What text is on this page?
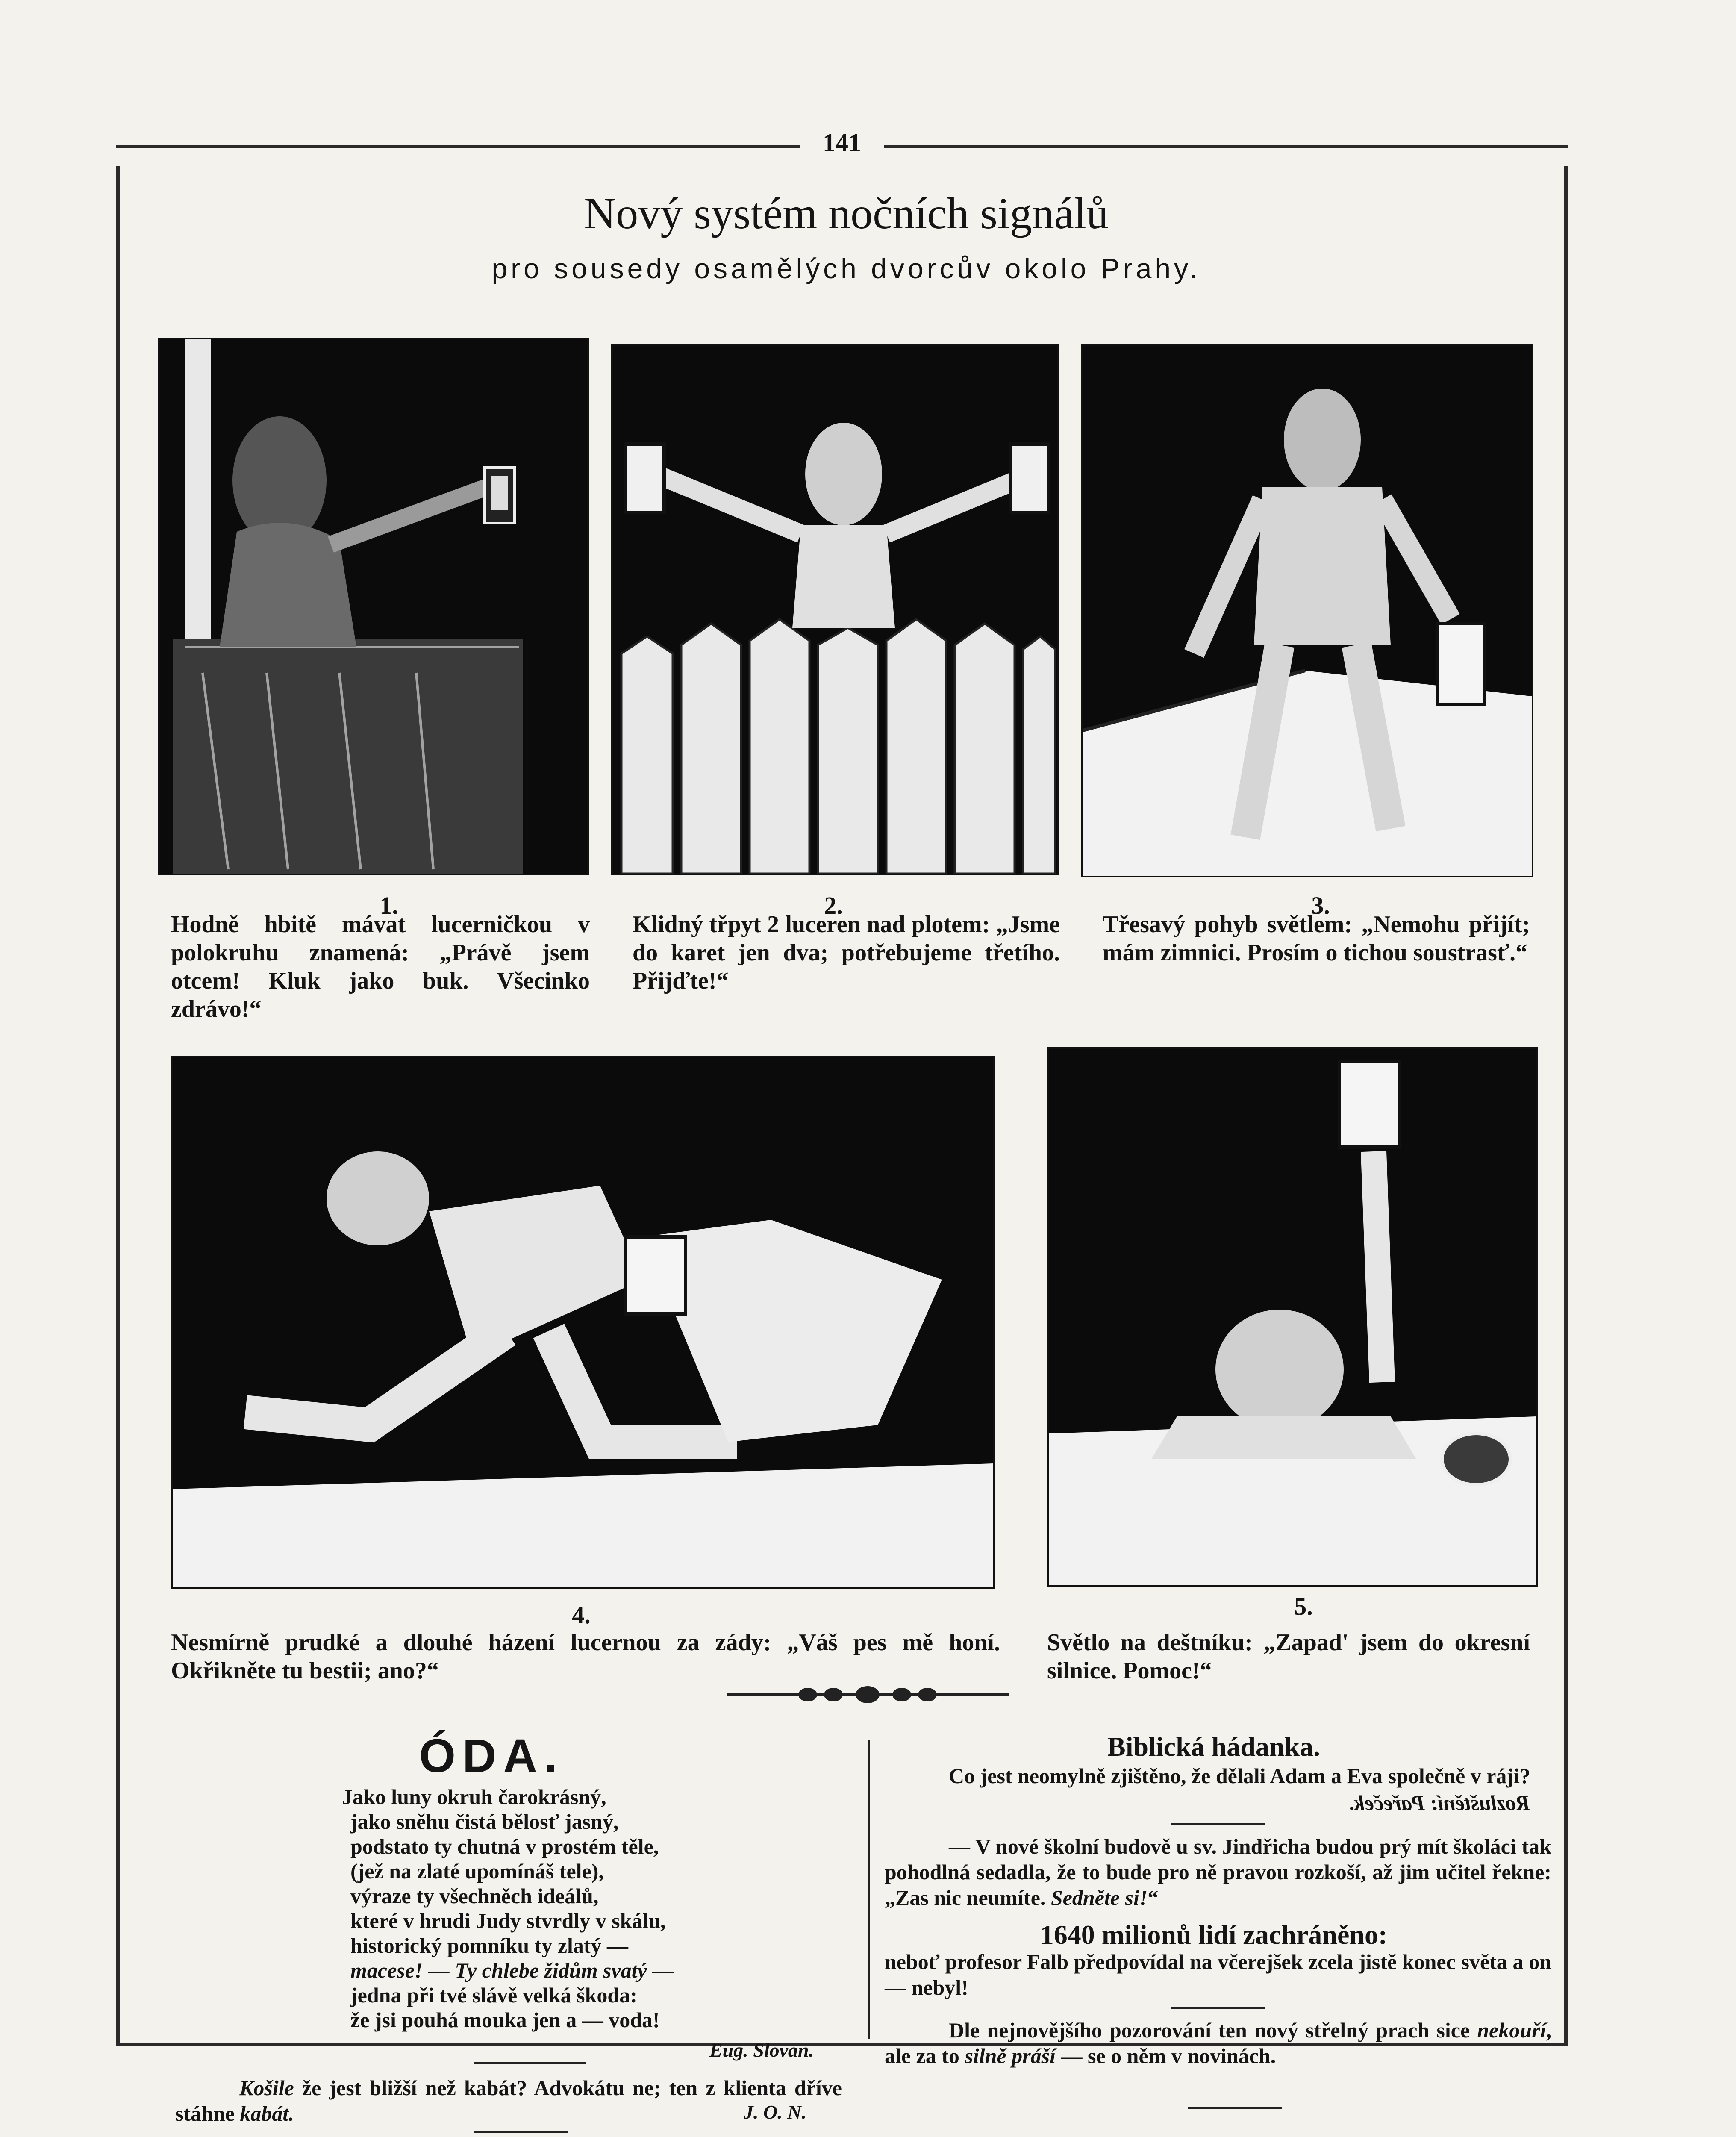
141
Nový systém nočních signálů
pro sousedy osamělých dvorcův okolo Prahy.
1.
Hodně hbitě mávat lucerničkou v polokruhu znamená: „Právě jsem otcem! Kluk jako buk. Všecinko zdrávo!“
2.
Klidný třpyt 2 luceren nad plotem: „Jsme do karet jen dva; potřebujeme třetího. Přijďte!“
3.
Třesavý pohyb světlem: „Nemohu přijít; mám zimnici. Prosím o tichou soustrasť.“
4.
Nesmírně prudké a dlouhé házení lucernou za zády: „Váš pes mě honí. Okřikněte tu bestii; ano?“
5.
Světlo na deštníku: „Zapad' jsem do okresní silnice. Pomoc!“
ÓDA.
Jako luny okruh čarokrásný,
jako sněhu čistá bělosť jasný,
podstato ty chutná v prostém těle,
(jež na zlaté upomínáš tele),
výraze ty všechněch ideálů,
které v hrudi Judy stvrdly v skálu,
historický pomníku ty zlatý —
macese! — Ty chlebe židům svatý —
jedna při tvé slávě velká škoda:
že jsi pouhá mouka jen a — voda!
Eug. Slovan.
Košile že jest bližší než kabát? Advokátu ne; ten z klienta dříve stáhne kabát.	J. O. N.
Biblická hádanka.
Co jest neomylně zjištěno, že dělali Adam a Eva společně v ráji?
Rozluštění: Pařeček.
— V nové školní budově u sv. Jindřicha budou prý mít školáci tak pohodlná sedadla, že to bude pro ně pravou rozkoší, až jim učitel řekne: „Zas nic neumíte. Sedněte si!“
1640 milionů lidí zachráněno:
neboť profesor Falb předpovídal na včerejšek zcela jistě konec světa a on — nebyl!
Dle nejnovějšího pozorování ten nový střelný prach sice nekouří, ale za to silně práší — se o něm v novinách.
